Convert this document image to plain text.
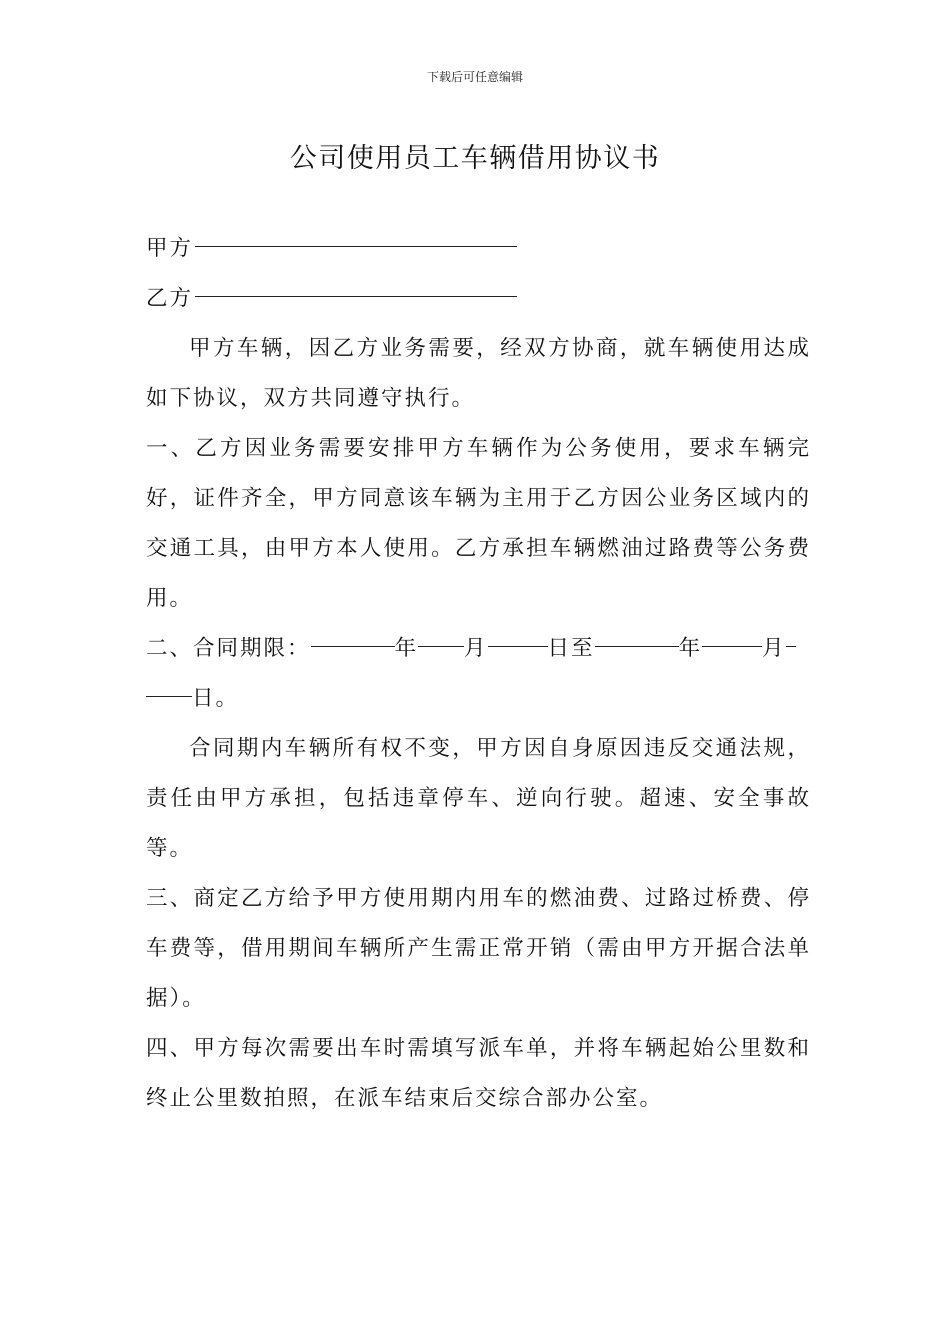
下载后可任意编辑
公司使用员工车辆借用协议书
甲方
乙方

甲方车辆，因乙方业务需要，经双方协商，就车辆使用达成如下协议，双方共同遵守执行。

一、乙方因业务需要安排甲方车辆作为公务使用，要求车辆完好，证件齐全，甲方同意该车辆为主用于乙方因公业务区域内的交通工具，由甲方本人使用。乙方承担车辆燃油过路费等公务费用。

二、合同期限：	年 月	日至	年	月
日。

合同期内车辆所有权不变，甲方因自身原因违反交通法规，责任由甲方承担，包括违章停车、逆向行驶。超速、安全事故等。

三、商定乙方给予甲方使用期内用车的燃油费、过路过桥费、停车费等，借用期间车辆所产生需正常开销（需由甲方开据合法单据）。

四、甲方每次需要出车时需填写派车单，并将车辆起始公里数和终止公里数拍照，在派车结束后交综合部办公室。
